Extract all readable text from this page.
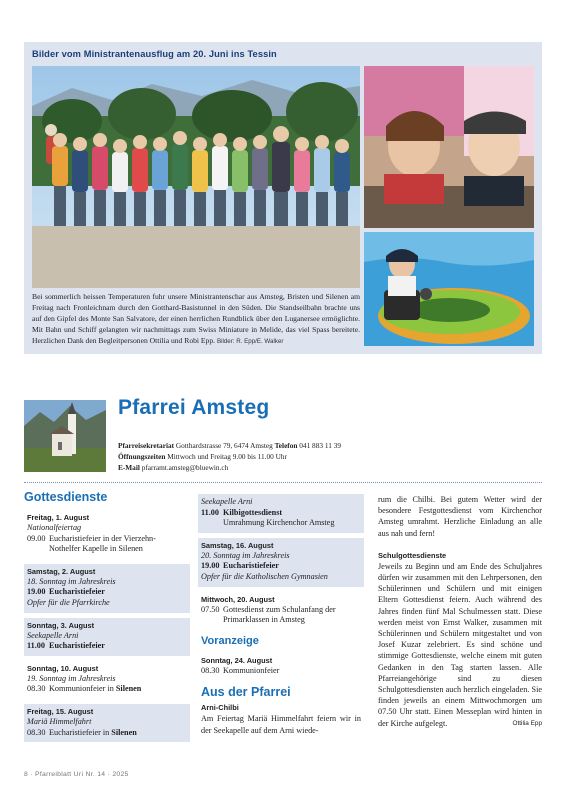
Bilder vom Ministrantenausflug am 20. Juni ins Tessin
Bei sommerlich heissen Temperaturen fuhr unsere Ministrantenschar aus Amsteg, Bristen und Silenen am Freitag nach Fronleichnam durch den Gotthard-Basistunnel in den Süden. Die Standseilbahn brachte uns auf den Gipfel des Monte San Salvatore, der einen herrlichen Rundblick über den Luganersee ermöglichte. Mit Bahn und Schiff gelangten wir nachmittags zum Swiss Miniature in Melide, das viel Spass bereitete. Herzlichen Dank den Begleitpersonen Ottilia und Robi Epp. Bilder: R. Epp/E. Walker
Pfarrei Amsteg
Pfarreisekretariat Gotthardstrasse 79, 6474 Amsteg Telefon 041 883 11 39
Öffnungszeiten Mittwoch und Freitag 9.00 bis 11.00 Uhr
E-Mail pfarramt.amsteg@bluewin.ch
Gottesdienste
Freitag, 1. August
Nationalfeiertag
09.00 Eucharistiefeier in der Vierzehn-
Nothelfer Kapelle in Silenen
Samstag, 2. August
18. Sonntag im Jahreskreis
19.00 Eucharistiefeier
Opfer für die Pfarrkirche
Sonntag, 3. August
Seekapelle Arni
11.00 Eucharistiefeier
Sonntag, 10. August
19. Sonntag im Jahreskreis
08.30 Kommunionfeier in Silenen
Freitag, 15. August
Mariä Himmelfahrt
08.30 Eucharistiefeier in Silenen
Seekapelle Arni
11.00 Kilbigottesdienst
Umrahmung Kirchenchor Amsteg
Samstag, 16. August
20. Sonntag im Jahreskreis
19.00 Eucharistiefeier
Opfer für die Katholischen Gymnasien
Mittwoch, 20. August
07.50 Gottesdienst zum Schulanfang der
Primarklassen in Amsteg
Voranzeige
Sonntag, 24. August
08.30 Kommunionfeier
Aus der Pfarrei
Arni-Chilbi
Am Feiertag Mariä Himmelfahrt feiern wir in der Seekapelle auf dem Arni wiede-
rum die Chilbi. Bei gutem Wetter wird der besondere Festgottesdienst vom Kirchenchor Amsteg umrahmt. Herzliche Einladung an alle aus nah und fern!
Schulgottesdienste
Jeweils zu Beginn und am Ende des Schuljahres dürfen wir zusammen mit den Lehrpersonen, den Schülerinnen und Schülern und mit einigen Eltern Gottesdienst feiern. Auch während des Jahres finden fünf Mal Schulmessen statt. Diese werden meist von Ernst Walker, zusammen mit Schülerinnen und Schülern mitgestaltet und von Josef Kuzar zelebriert. Es sind schöne und stimmige Gottesdienste, welche einem mit guten Gedanken in den Tag starten lassen. Alle Pfarreiangehörige sind zu diesen Schulgottesdiensten auch herzlich eingeladen. Sie finden jeweils an einem Mittwochmorgen um 07.50 Uhr statt. Einen Messeplan wird hinten in der Kirche aufgelegt.	Ottilia Epp
8 · Pfarreiblatt Uri Nr. 14 · 2025
